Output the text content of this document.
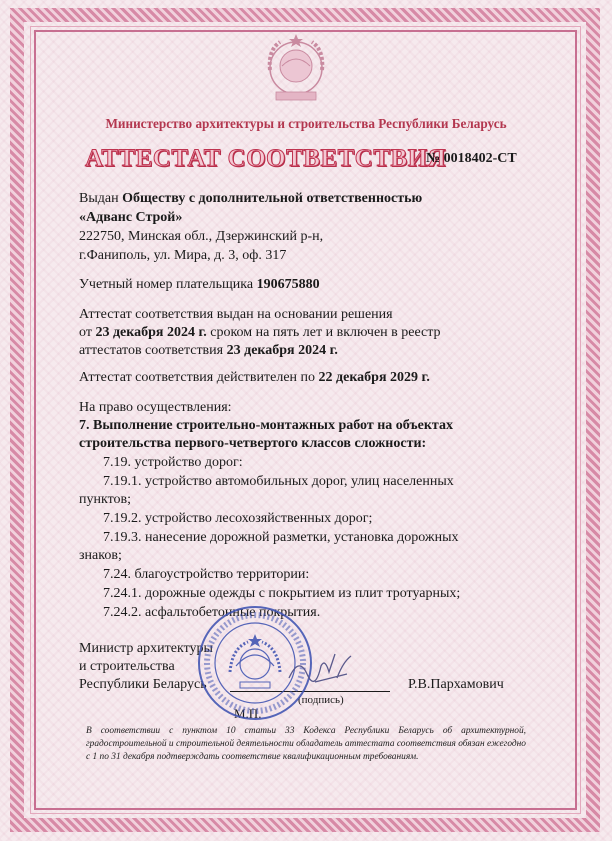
Министерство архитектуры и строительства Республики Беларусь
АТТЕСТАТ СООТВЕТСТВИЯ
№ 0018402-СТ
Выдан Обществу с дополнительной ответственностью
«Адванс Строй»
222750, Минская обл., Дзержинский р-н,
г.Фаниполь, ул. Мира, д. 3, оф. 317
Учетный номер плательщика 190675880
Аттестат соответствия выдан на основании решения
от 23 декабря 2024 г. сроком на пять лет и включен в реестр
аттестатов соответствия 23 декабря 2024 г.
Аттестат соответствия действителен по 22 декабря 2029 г.
На право осуществления:
7. Выполнение строительно-монтажных работ на объектах
строительства первого-четвертого классов сложности:
7.19. устройство дорог:
7.19.1. устройство автомобильных дорог, улиц населенных
пунктов;
7.19.2. устройство лесохозяйственных дорог;
7.19.3. нанесение дорожной разметки, установка дорожных
знаков;
7.24. благоустройство территории:
7.24.1. дорожные одежды с покрытием из плит тротуарных;
7.24.2. асфальтобетонные покрытия.
Министр архитектуры
и строительства
Республики Беларусь
(подпись)
Р.В.Пархамович
М.П.
В соответствии с пунктом 10 статьи 33 Кодекса Республики Беларусь об архитектурной, градостроительной и строительной деятельности обладатель аттестата соответствия обязан ежегодно с 1 по 31 декабря подтверждать соответствие квалификационным требованиям.
